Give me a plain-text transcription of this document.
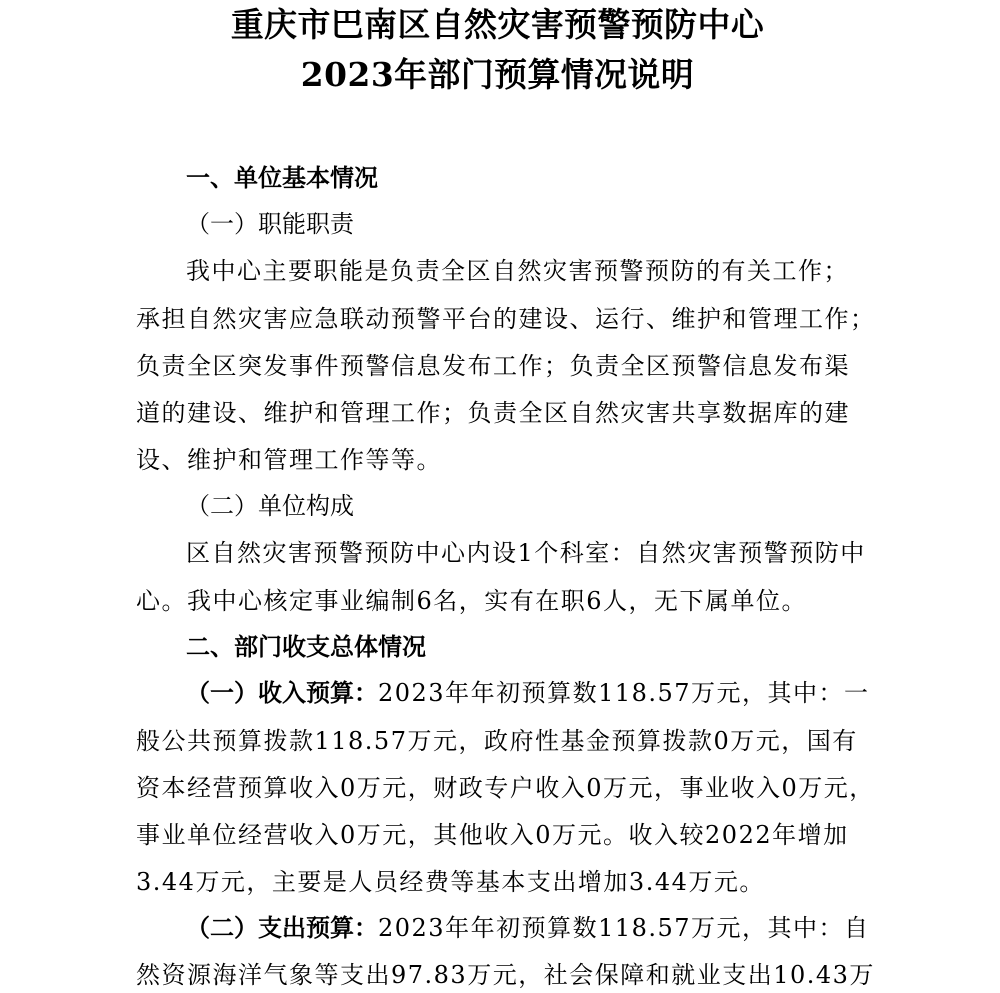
重庆市巴南区自然灾害预警预防中心
2023年部门预算情况说明
一、单位基本情况
（一）职能职责
我中心主要职能是负责全区自然灾害预警预防的有关工作；
承担自然灾害应急联动预警平台的建设、运行、维护和管理工作；
负责全区突发事件预警信息发布工作；负责全区预警信息发布渠
道的建设、维护和管理工作；负责全区自然灾害共享数据库的建
设、维护和管理工作等等。
（二）单位构成
区自然灾害预警预防中心内设1个科室：自然灾害预警预防中
心。我中心核定事业编制6名，实有在职6人，无下属单位。
二、部门收支总体情况
（一）收入预算：2023年年初预算数118.57万元，其中：一
般公共预算拨款118.57万元，政府性基金预算拨款0万元，国有
资本经营预算收入0万元，财政专户收入0万元，事业收入0万元，
事业单位经营收入0万元，其他收入0万元。收入较2022年增加
3.44万元，主要是人员经费等基本支出增加3.44万元。
（二）支出预算：2023年年初预算数118.57万元，其中：自
然资源海洋气象等支出97.83万元，社会保障和就业支出10.43万
